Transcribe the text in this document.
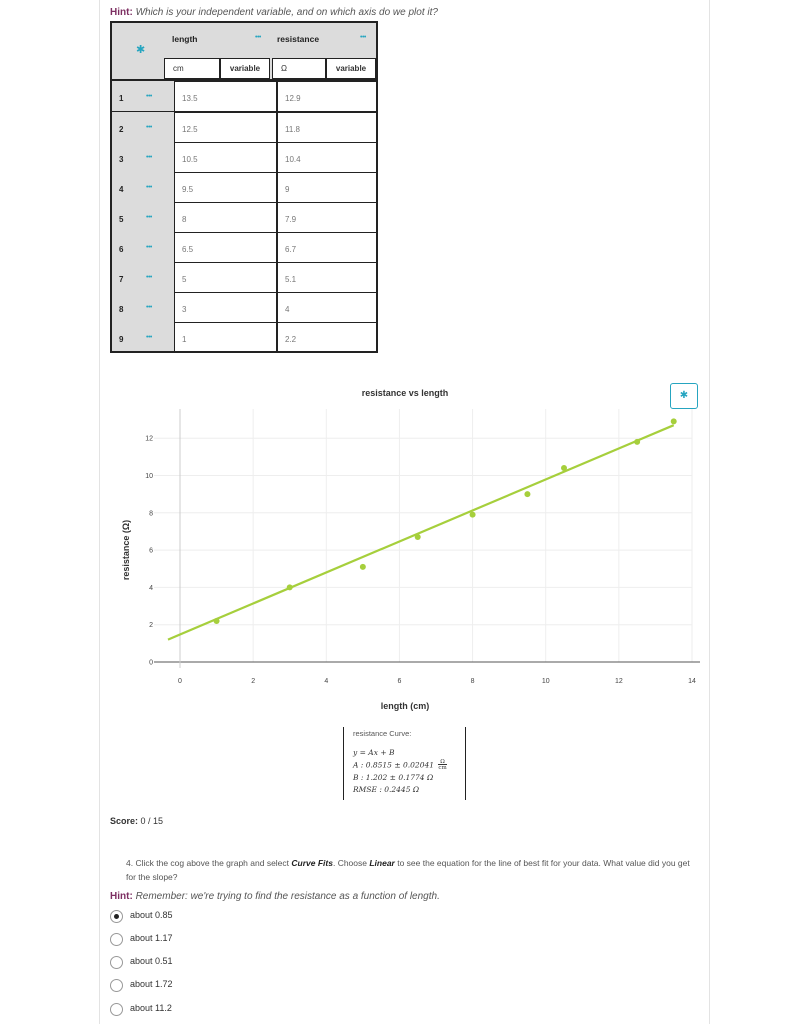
Hint: Which is your independent variable, and on which axis do we plot it?
✱
length	••• resistance	•••
cm	variable	Ω	variable
1	•••	13.5	12.9
2	•••	12.5	11.8
3	•••	10.5	10.4
4	•••	9.5	9
5	•••	8	7.9
6	•••	6.5	6.7
7	•••	5	5.1
8	•••	3	4
9	•••	1	2.2
resistance vs length	✱
0	2	4	6	8	10	12	14
0
2
4
6
8
10
12
length (cm)
resistance (Ω)
resistance Curve:
y = Ax + B
A : $0.8515 \pm 0.02041 \frac{\Omega}{cm}$
B : 1.202 ± 0.1774 Ω
RMSE : 0.2445 Ω
Score: 0 / 15
4. Click the cog above the graph and select Curve Fits. Choose Linear to see the equation for the line of best fit for your data. What value did you get for the slope?
Hint: Remember: we're trying to find the resistance as a function of length.
about 0.85
about 1.17
about 0.51
about 1.72
about 11.2
